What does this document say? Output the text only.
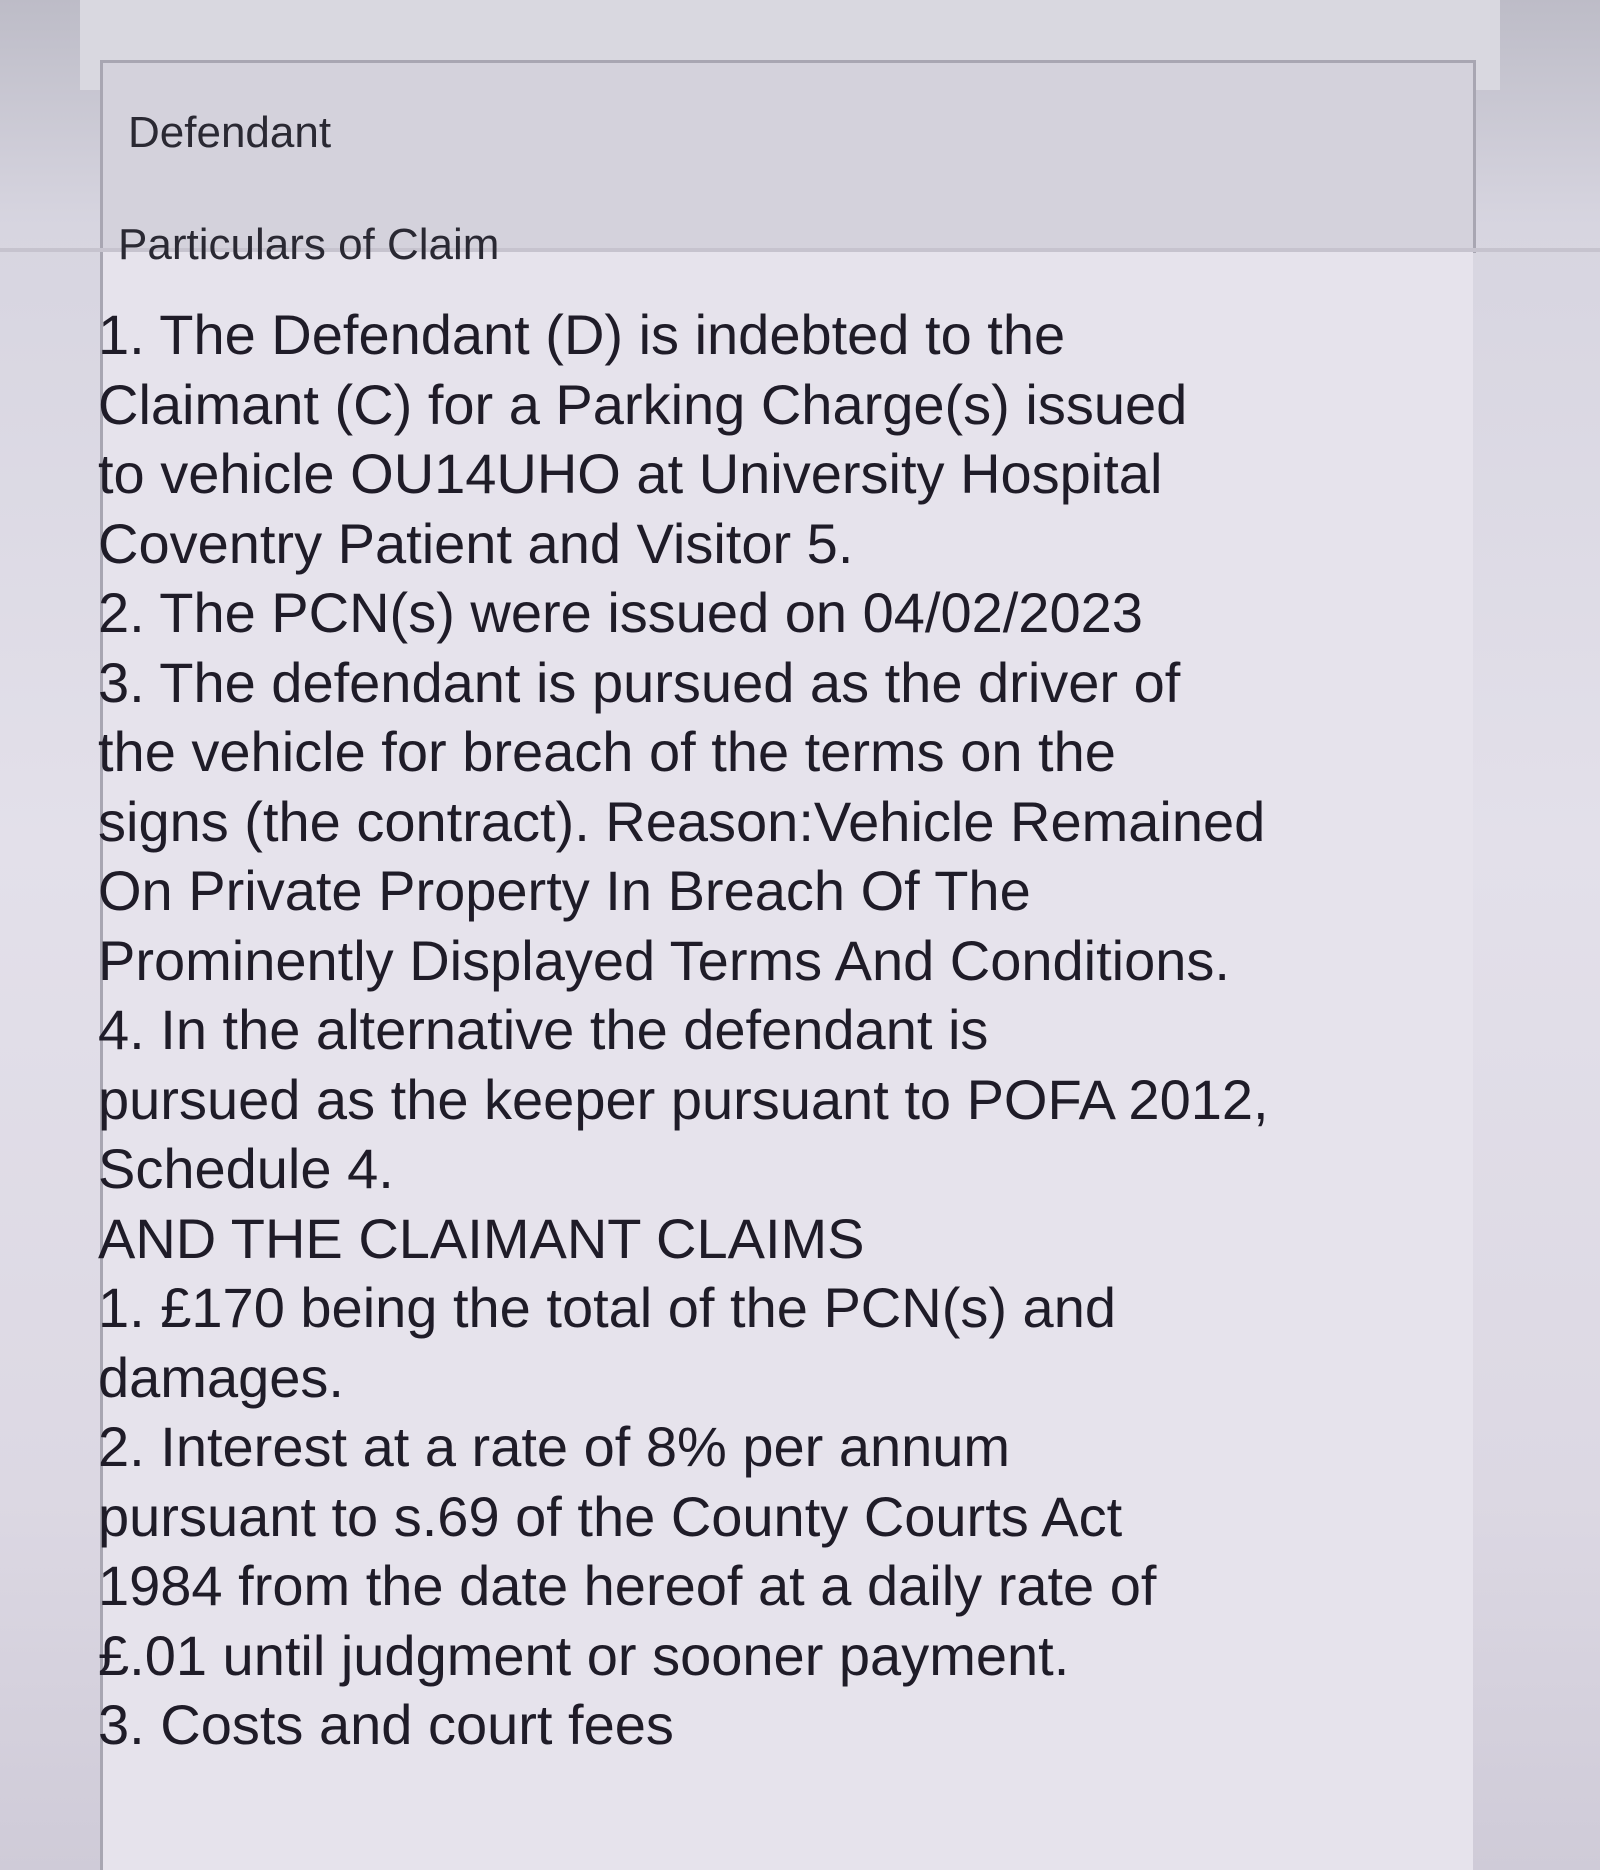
Defendant
Particulars of Claim
1. The Defendant (D) is indebted to the
Claimant (C) for a Parking Charge(s) issued
to vehicle OU14UHO at University Hospital
Coventry Patient and Visitor 5.
2. The PCN(s) were issued on 04/02/2023
3. The defendant is pursued as the driver of
the vehicle for breach of the terms on the
signs (the contract). Reason:Vehicle Remained
On Private Property In Breach Of The
Prominently Displayed Terms And Conditions.
4. In the alternative the defendant is
pursued as the keeper pursuant to POFA 2012,
Schedule 4.
AND THE CLAIMANT CLAIMS
1. £170 being the total of the PCN(s) and
damages.
2. Interest at a rate of 8% per annum
pursuant to s.69 of the County Courts Act
1984 from the date hereof at a daily rate of
£.01 until judgment or sooner payment.
3. Costs and court fees
